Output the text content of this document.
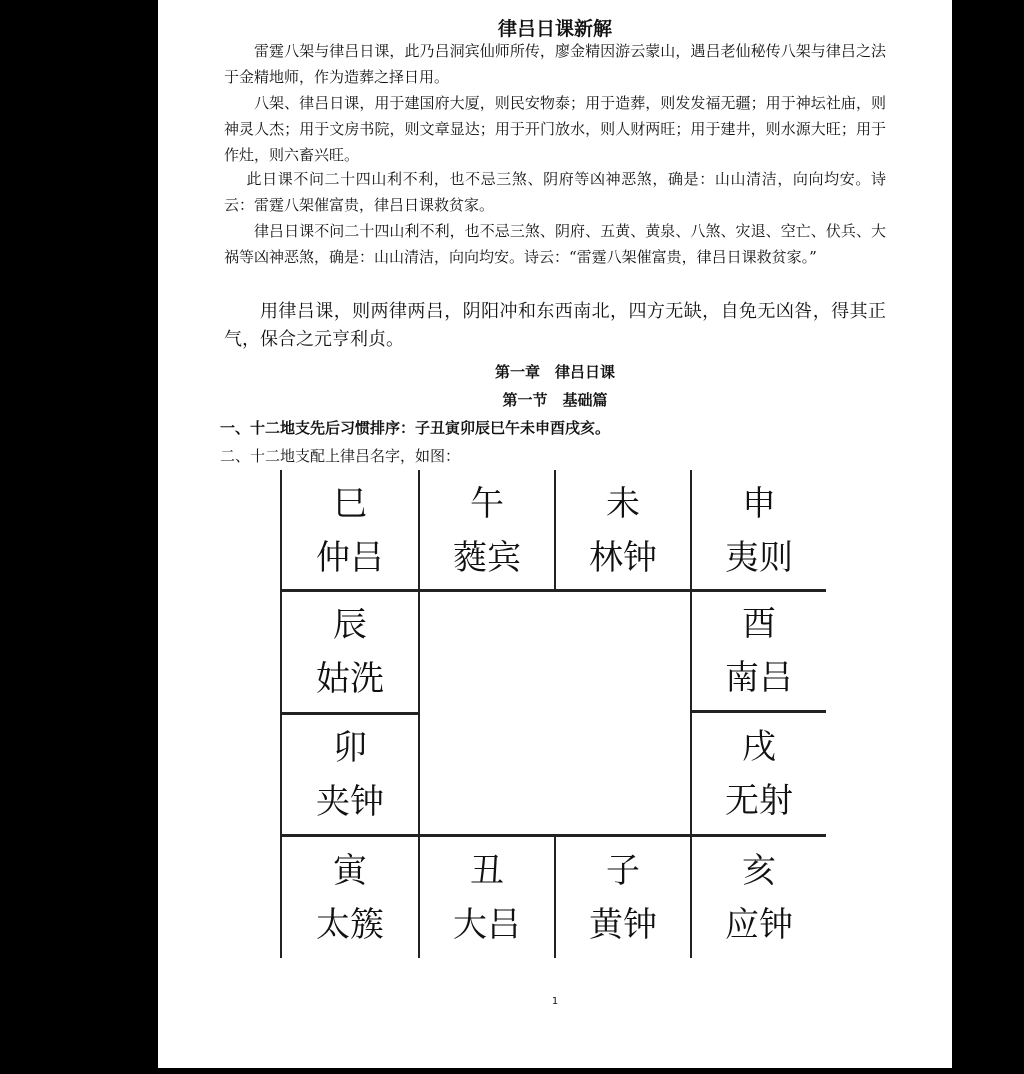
律吕日课新解

雷霆八架与律吕日课，此乃吕洞宾仙师所传，廖金精因游云蒙山，遇吕老仙秘传八架与律吕之法于金精地师，作为造葬之择日用。

八架、律吕日课，用于建国府大厦，则民安物泰；用于造葬，则发发福无疆；用于神坛社庙，则神灵人杰；用于文房书院，则文章显达；用于开门放水，则人财两旺；用于建井，则水源大旺；用于作灶，则六畜兴旺。

此日课不问二十四山利不利，也不忌三煞、阴府等凶神恶煞，确是：山山清洁，向向均安。诗云：雷霆八架催富贵，律吕日课救贫家。

律吕日课不问二十四山利不利，也不忌三煞、阴府、五黄、黄泉、八煞、灾退、空亡、伏兵、大祸等凶神恶煞，确是：山山清洁，向向均安。诗云：“雷霆八架催富贵，律吕日课救贫家。”

用律吕课，则两律两吕，阴阳冲和东西南北，四方无缺，自免无凶咎，得其正气，保合之元亨利贞。

第一章　律吕日课
第一节　基础篇
一、十二地支先后习惯排序：子丑寅卯辰巳午未申酉戌亥。
二、十二地支配上律吕名字，如图：
巳
仲吕
午
蕤宾
未
林钟
申
夷则
辰
姑洗
酉
南吕
卯
夹钟
戌
无射
寅
太簇
丑
大吕
子
黄钟
亥
应钟
1
